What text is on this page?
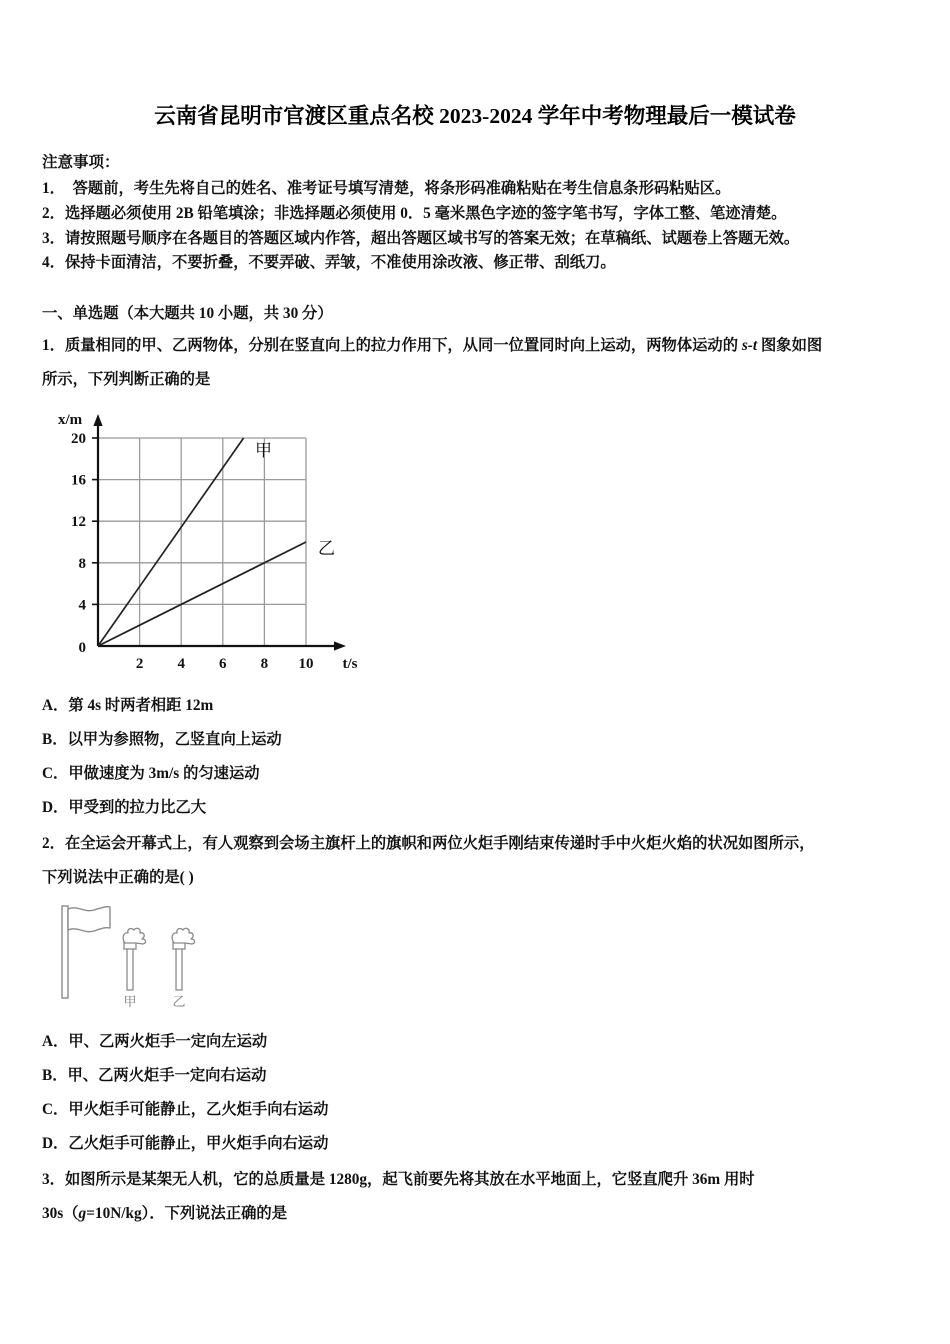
云南省昆明市官渡区重点名校 2023-2024 学年中考物理最后一模试卷
注意事项：
1．  答题前，考生先将自己的姓名、准考证号填写清楚，将条形码准确粘贴在考生信息条形码粘贴区。
2．选择题必须使用 2B 铅笔填涂；非选择题必须使用 0．5 毫米黑色字迹的签字笔书写，字体工整、笔迹清楚。
3．请按照题号顺序在各题目的答题区域内作答，超出答题区域书写的答案无效；在草稿纸、试题卷上答题无效。
4．保持卡面清洁，不要折叠，不要弄破、弄皱，不准使用涂改液、修正带、刮纸刀。
一、单选题（本大题共 10 小题，共 30 分）
1．质量相同的甲、乙两物体，分别在竖直向上的拉力作用下，从同一位置同时向上运动，两物体运动的 s-t 图象如图
所示，下列判断正确的是
x/m
t/s
20
16
12
8
4
0
2 4 6 8 10
甲
乙
A．第 4s 时两者相距 12m
B．以甲为参照物，乙竖直向上运动
C．甲做速度为 3m/s 的匀速运动
D．甲受到的拉力比乙大
2．在全运会开幕式上，有人观察到会场主旗杆上的旗帜和两位火炬手刚结束传递时手中火炬火焰的状况如图所示，
下列说法中正确的是( )
甲	乙
A．甲、乙两火炬手一定向左运动
B．甲、乙两火炬手一定向右运动
C．甲火炬手可能静止，乙火炬手向右运动
D．乙火炬手可能静止，甲火炬手向右运动
3．如图所示是某架无人机，它的总质量是 1280g，起飞前要先将其放在水平地面上，它竖直爬升 36m 用时
30s（g=10N/kg）．下列说法正确的是
